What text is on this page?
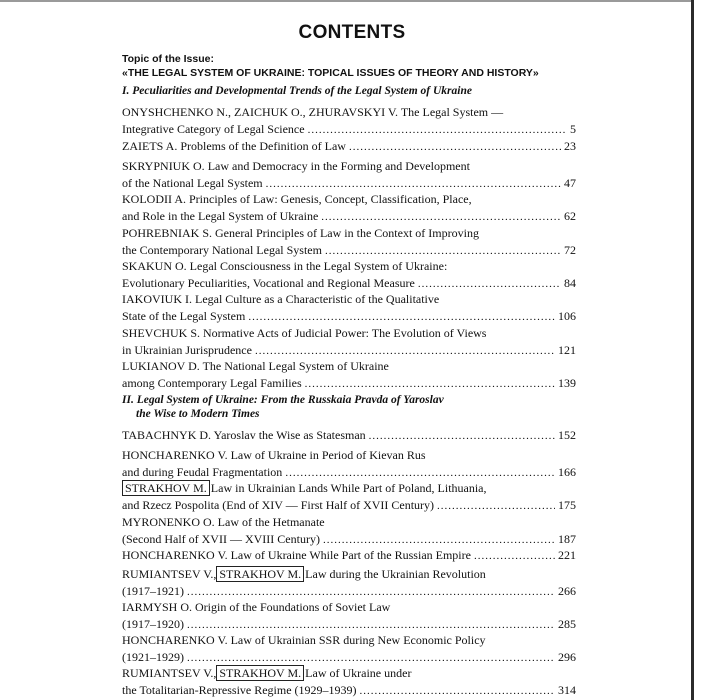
CONTENTS
Topic of the Issue:
«THE LEGAL SYSTEM OF UKRAINE: TOPICAL ISSUES OF THEORY AND HISTORY»
I. Peculiarities and Developmental Trends of the Legal System of Ukraine
ONYSHCHENKO N., ZAICHUK O., ZHURAVSKYI V. The Legal System —
Integrative Category of Legal Science .....	5
ZAIETS A. Problems of the Definition of Law .....	23
SKRYPNIUK O. Law and Democracy in the Forming and Development
of the National Legal System .....	47
KOLODII A. Principles of Law: Genesis, Concept, Classification, Place,
and Role in the Legal System of Ukraine .....	62
POHREBNIAK S. General Principles of Law in the Context of Improving
the Contemporary National Legal System .....	72
SKAKUN O. Legal Consciousness in the Legal System of Ukraine:
Evolutionary Peculiarities, Vocational and Regional Measure .....	84
IAKOVIUK I. Legal Culture as a Characteristic of the Qualitative
State of the Legal System .....	106
SHEVCHUK S. Normative Acts of Judicial Power: The Evolution of Views
in Ukrainian Jurisprudence .....	121
LUKIANOV D. The National Legal System of Ukraine
among Contemporary Legal Families .....	139
II. Legal System of Ukraine: From the Russkaia Pravda of Yaroslav
the Wise to Modern Times
TABACHNYK D. Yaroslav the Wise as Statesman .....	152
HONCHARENKO V. Law of Ukraine in Period of Kievan Rus
and during Feudal Fragmentation .....	166
STRAKHOV M. Law in Ukrainian Lands While Part of Poland, Lithuania,
and Rzecz Pospolita (End of XIV — First Half of XVII Century) .....	175
MYRONENKO O. Law of the Hetmanate
(Second Half of XVII — XVIII Century) .....	187
HONCHARENKO V. Law of Ukraine While Part of the Russian Empire .....	221
RUMIANTSEV V., STRAKHOV M. Law during the Ukrainian Revolution
(1917–1921) .....	266
IARMYSH O. Origin of the Foundations of Soviet Law
(1917–1920) .....	285
HONCHARENKO V. Law of Ukrainian SSR during New Economic Policy
(1921–1929) .....	296
RUMIANTSEV V., STRAKHOV M. Law of Ukraine under
the Totalitarian-Repressive Regime (1929–1939) .....	314
